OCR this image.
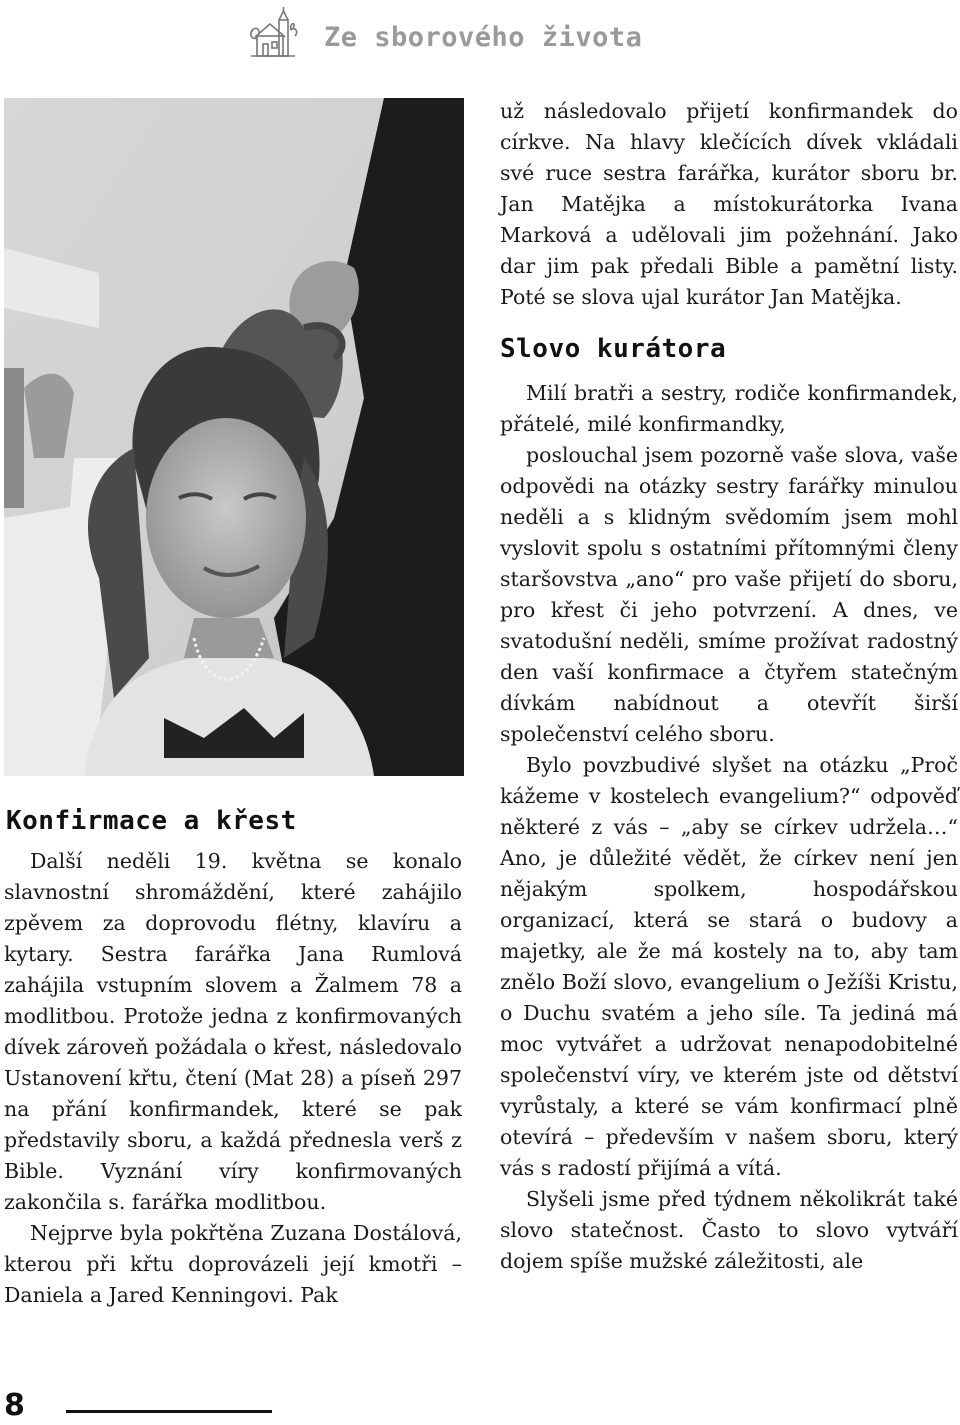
Ze sborového života
Konfirmace a křest

Další neděli 19. května se konalo slavnostní shromáždění, které zahájilo zpěvem za doprovodu flétny, klavíru a kytary. Sestra farářka Jana Rumlová zahájila vstupním slovem a Žalmem 78 a modlitbou. Protože jedna z konfirmovaných dívek zároveň požádala o křest, následovalo Ustanovení křtu, čtení (Mat 28) a píseň 297 na přání konfirmandek, které se pak představily sboru, a každá přednesla verš z Bible. Vyznání víry konfirmovaných zakončila s. farářka modlitbou.

Nejprve byla pokřtěna Zuzana Dostálová, kterou při křtu doprovázeli její kmotři – Daniela a Jared Kenningovi. Pak

už následovalo přijetí konfirmandek do církve. Na hlavy klečících dívek vkládali své ruce sestra farářka, kurátor sboru br. Jan Matějka a místokurátorka Ivana Marková a udělovali jim požehnání. Jako dar jim pak předali Bible a pamětní listy. Poté se slova ujal kurátor Jan Matějka.

Slovo kurátora

Milí bratři a sestry, rodiče konfirmandek, přátelé, milé konfirmandky,

poslouchal jsem pozorně vaše slova, vaše odpovědi na otázky sestry farářky minulou neděli a s klidným svědomím jsem mohl vyslovit spolu s ostatními přítomnými členy staršovstva „ano“ pro vaše přijetí do sboru, pro křest či jeho potvrzení. A dnes, ve svatodušní neděli, smíme prožívat radostný den vaší konfirmace a čtyřem statečným dívkám nabídnout a otevřít širší společenství celého sboru.

Bylo povzbudivé slyšet na otázku „Proč kážeme v kostelech evangelium?“ odpověď některé z vás – „aby se církev udržela…“ Ano, je důležité vědět, že církev není jen nějakým spolkem, hospodářskou organizací, která se stará o budovy a majetky, ale že má kostely na to, aby tam znělo Boží slovo, evangelium o Ježíši Kristu, o Duchu svatém a jeho síle. Ta jediná má moc vytvářet a udržovat nenapodobitelné společenství víry, ve kterém jste od dětství vyrůstaly, a které se vám konfirmací plně otevírá – především v našem sboru, který vás s radostí přijímá a vítá.

Slyšeli jsme před týdnem několikrát také slovo statečnost. Často to slovo vytváří dojem spíše mužské záležitosti, ale

8
